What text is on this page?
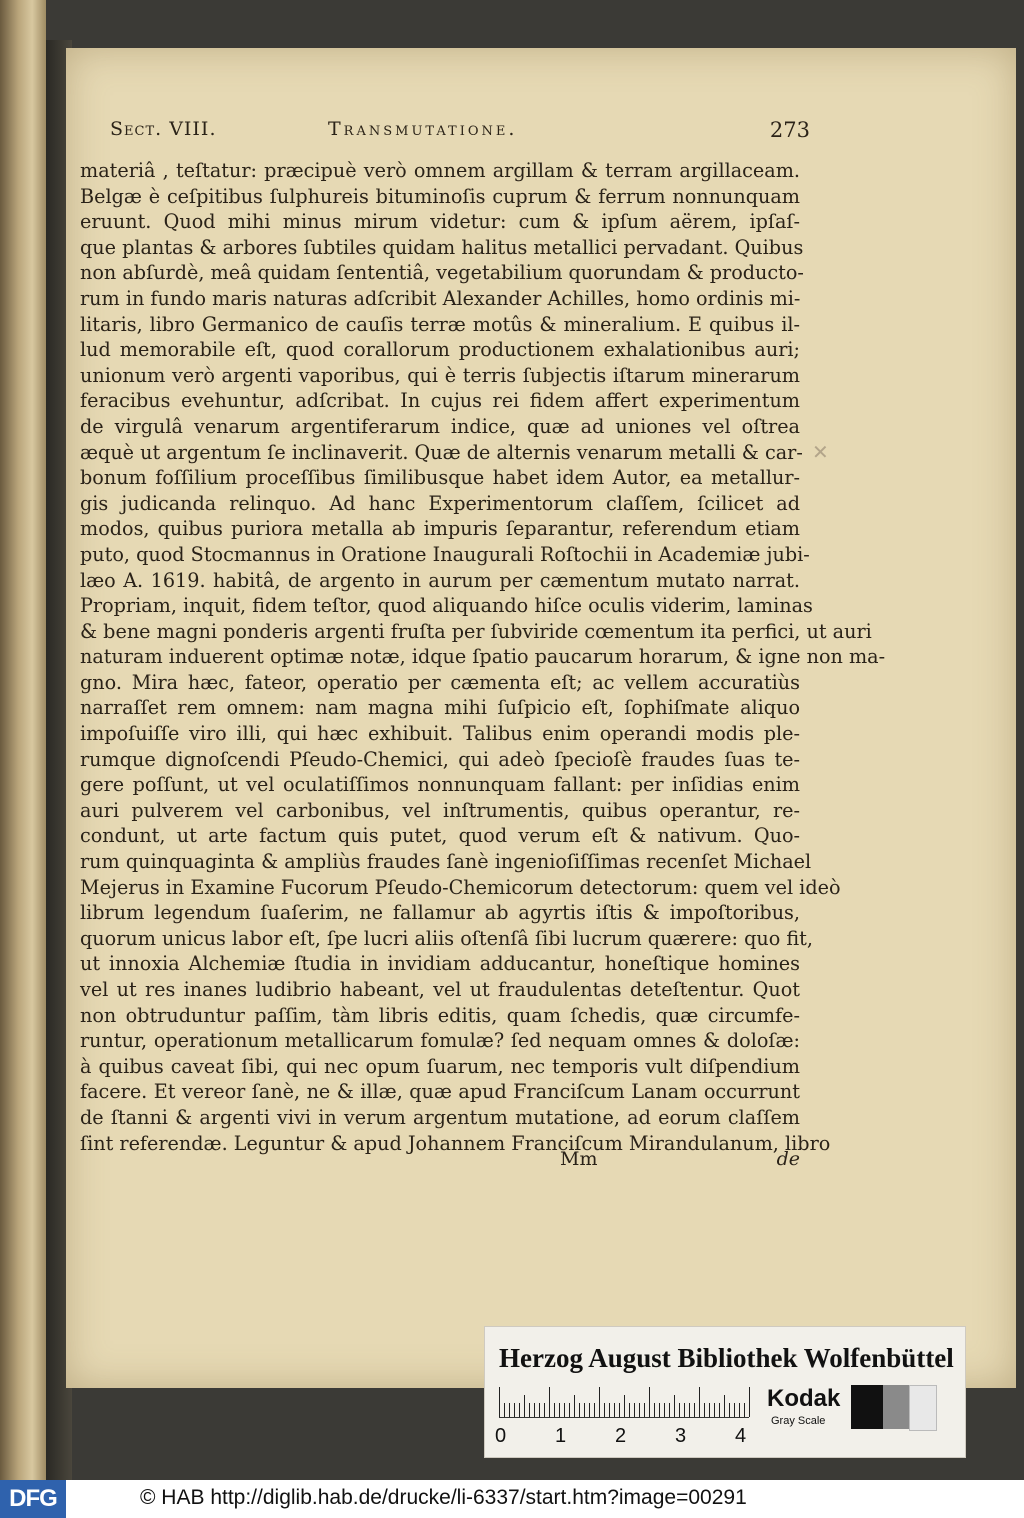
Sect. VIII.	Transmutatione.	273
materiâ , teſtatur: præcipuè verò omnem argillam & terram argillaceam.
Belgæ è ceſpitibus ſulphureis bituminoſis cuprum & ferrum nonnunquam
eruunt. Quod mihi minus mirum videtur: cum & ipſum aërem, ipſaſ-
que plantas & arbores ſubtiles quidam halitus metallici pervadant. Quibus
non abſurdè, meâ quidam ſententiâ, vegetabilium quorundam & producto-
rum in fundo maris naturas adſcribit Alexander Achilles, homo ordinis mi-
litaris, libro Germanico de cauſis terræ motûs & mineralium. E quibus il-
lud memorabile eſt, quod corallorum productionem exhalationibus auri;
unionum verò argenti vaporibus, qui è terris ſubjectis iſtarum minerarum
feracibus evehuntur, adſcribat. In cujus rei fidem affert experimentum
de virgulâ venarum argentiferarum indice, quæ ad uniones vel oſtrea
æquè ut argentum ſe inclinaverit. Quæ de alternis venarum metalli & car-
bonum foſſilium proceſſibus ſimilibusque habet idem Autor, ea metallur-
gis judicanda relinquo. Ad hanc Experimentorum claſſem, ſcilicet ad
modos, quibus puriora metalla ab impuris ſeparantur, referendum etiam
puto, quod Stocmannus in Oratione Inaugurali Roſtochii in Academiæ jubi-
læo A. 1619. habitâ, de argento in aurum per cæmentum mutato narrat.
Propriam, inquit, fidem teſtor, quod aliquando hiſce oculis viderim, laminas
& bene magni ponderis argenti fruſta per ſubviride cœmentum ita perfici, ut auri
naturam induerent optimæ notæ, idque ſpatio paucarum horarum, & igne non ma-
gno. Mira hæc, fateor, operatio per cæmenta eſt; ac vellem accuratiùs
narraſſet rem omnem: nam magna mihi ſuſpicio eſt, ſophiſmate aliquo
impoſuiſſe viro illi, qui hæc exhibuit. Talibus enim operandi modis ple-
rumque dignoſcendi Pſeudo-Chemici, qui adeò ſpecioſè fraudes ſuas te-
gere poſſunt, ut vel oculatiſſimos nonnunquam fallant: per inſidias enim
auri pulverem vel carbonibus, vel inſtrumentis, quibus operantur, re-
condunt, ut arte factum quis putet, quod verum eſt & nativum. Quo-
rum quinquaginta & ampliùs fraudes ſanè ingenioſiſſimas recenſet Michael
Mejerus in Examine Fucorum Pſeudo-Chemicorum detectorum: quem vel ideò
librum legendum ſuaſerim, ne fallamur ab agyrtis iſtis & impoſtoribus,
quorum unicus labor eſt, ſpe lucri aliis oſtenſâ ſibi lucrum quærere: quo fit,
ut innoxia Alchemiæ ſtudia in invidiam adducantur, honeſtique homines
vel ut res inanes ludibrio habeant, vel ut fraudulentas deteſtentur. Quot
non obtruduntur paſſim, tàm libris editis, quam ſchedis, quæ circumfe-
runtur, operationum metallicarum fomulæ? ſed nequam omnes & doloſæ:
à quibus caveat ſibi, qui nec opum ſuarum, nec temporis vult diſpendium
facere. Et vereor ſanè, ne & illæ, quæ apud Franciſcum Lanam occurrunt
de ſtanni & argenti vivi in verum argentum mutatione, ad eorum claſſem
ſint referendæ. Leguntur & apud Johannem Franciſcum Mirandulanum, libro
✕
Mm	de
Herzog August Bibliothek Wolfenbüttel
0 1 2 3 4
Kodak
Gray Scale
DFG	© HAB http://diglib.hab.de/drucke/li-6337/start.htm?image=00291
